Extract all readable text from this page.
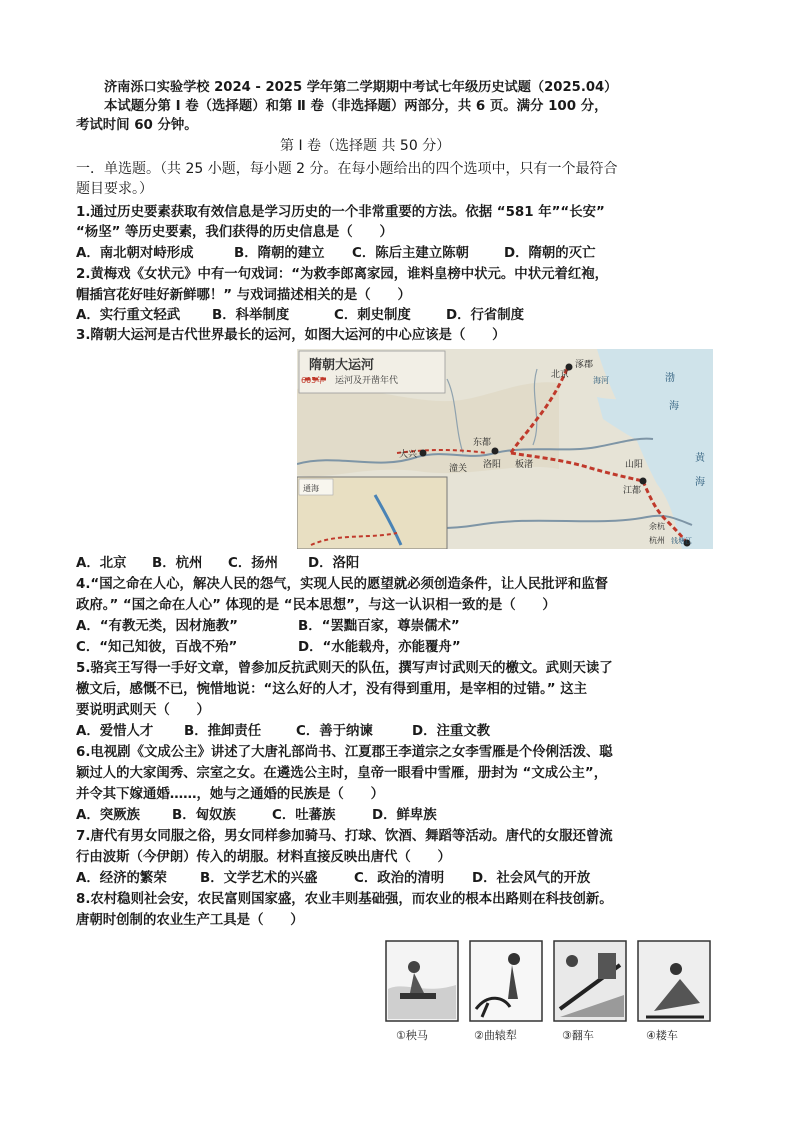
济南泺口实验学校 2024 - 2025 学年第二学期期中考试七年级历史试题（2025.04）
本试题分第 Ⅰ 卷（选择题）和第 Ⅱ 卷（非选择题）两部分，共 6 页。满分 100 分，
考试时间 60 分钟。
第 Ⅰ 卷（选择题 共 50 分）
一．单选题。（共 25 小题，每小题 2 分。在每小题给出的四个选项中，只有一个最符合
题目要求。）
1.通过历史要素获取有效信息是学习历史的一个非常重要的方法。依据 “581 年”“长安”
“杨坚” 等历史要素，我们获得的历史信息是（　　）
A．南北朝对峙形成	B．隋朝的建立 C．陈后主建立陈朝	D．隋朝的灭亡
2.黄梅戏《女状元》中有一句戏词：“为救李郎离家园，谁料皇榜中状元。中状元着红袍，
帽插宫花好哇好新鲜哪！” 与戏词描述相关的是（　　）
A．实行重文轻武 B．科举制度	C．刺史制度	D．行省制度
3.隋朝大运河是古代世界最长的运河，如图大运河的中心应该是（　　）
隋朝大运河
605年 运河及开凿年代
通海
涿郡
北京
海河
大兴
东都
洛阳
潼关	板渚	山阳
江都
余杭
杭州 钱塘江
渤
海
黄
海
A．北京 B．杭州 C．扬州 D．洛阳
4.“国之命在人心，解决人民的怨气，实现人民的愿望就必须创造条件，让人民批评和监督
政府。” “国之命在人心” 体现的是 “民本思想”，与这一认识相一致的是（　　）
A．“有教无类，因材施教”	B．“罢黜百家，尊崇儒术”
C．“知己知彼，百战不殆”	D．“水能载舟，亦能覆舟”
5.骆宾王写得一手好文章，曾参加反抗武则天的队伍，撰写声讨武则天的檄文。武则天读了
檄文后，感慨不已，惋惜地说：“这么好的人才，没有得到重用，是宰相的过错。” 这主
要说明武则天（　　）
A．爱惜人才 B．推卸责任	C．善于纳谏	D．注重文教
6.电视剧《文成公主》讲述了大唐礼部尚书、江夏郡王李道宗之女李雪雁是个伶俐活泼、聪
颖过人的大家闺秀、宗室之女。在遴选公主时，皇帝一眼看中雪雁，册封为 “文成公主”，
并令其下嫁通婚……，她与之通婚的民族是（　　）
A．突厥族 B．匈奴族	C．吐蕃族	D．鲜卑族
7.唐代有男女同服之俗，男女同样参加骑马、打球、饮酒、舞蹈等活动。唐代的女服还曾流
行由波斯（今伊朗）传入的胡服。材料直接反映出唐代（　　）
A．经济的繁荣 B．文学艺术的兴盛	C．政治的清明 D．社会风气的开放
8.农村稳则社会安，农民富则国家盛，农业丰则基础强，而农业的根本出路则在科技创新。
唐朝时创制的农业生产工具是（　　）
①秧马	②曲辕犁	③翻车	④耧车
